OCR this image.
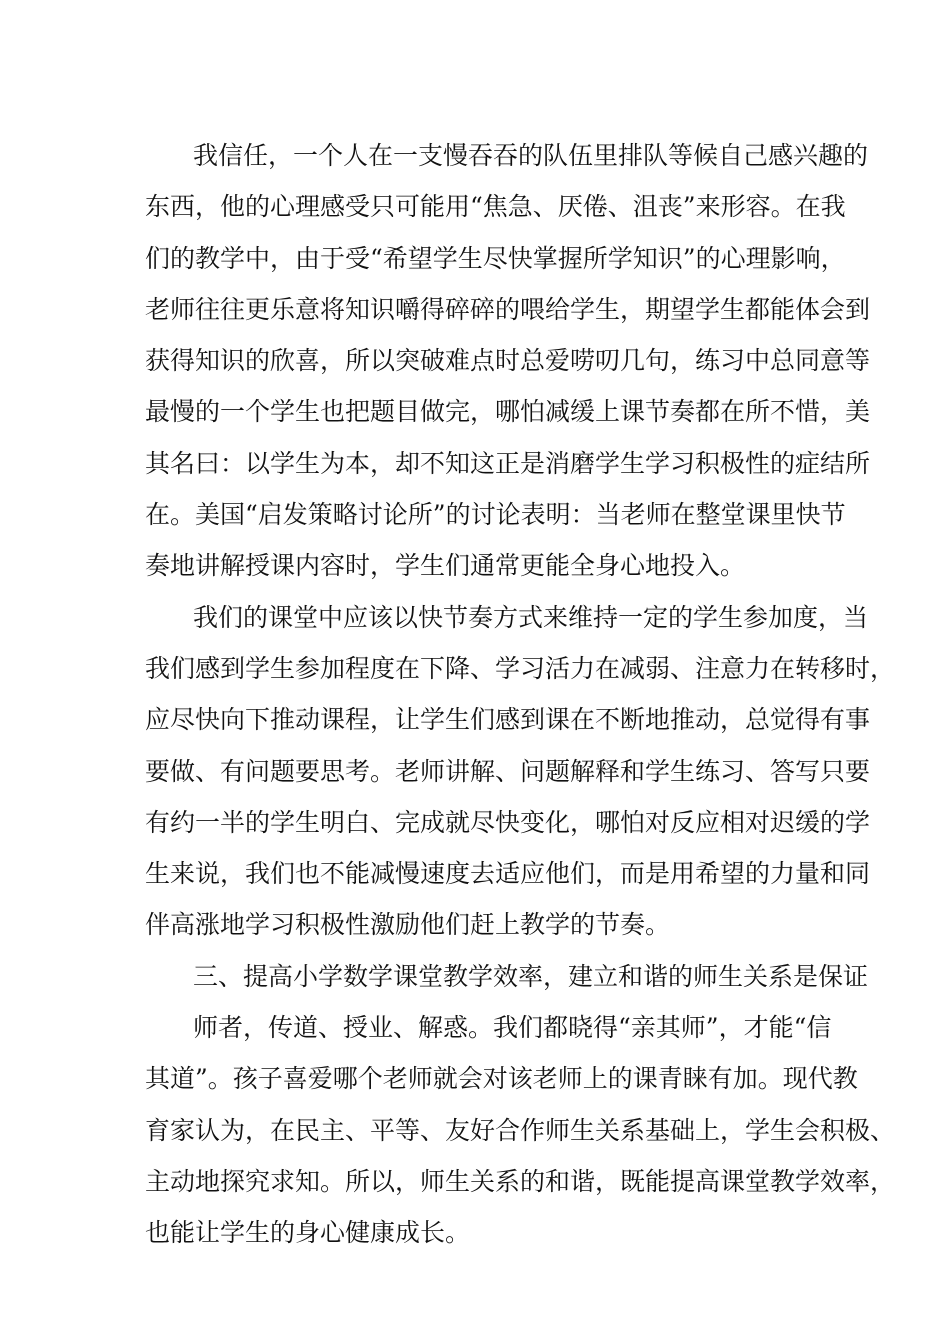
我信任，一个人在一支慢吞吞的队伍里排队等候自己感兴趣的
东西，他的心理感受只可能用“焦急、厌倦、沮丧”来形容。在我
们的教学中，由于受“希望学生尽快掌握所学知识”的心理影响，
老师往往更乐意将知识嚼得碎碎的喂给学生，期望学生都能体会到
获得知识的欣喜，所以突破难点时总爱唠叨几句，练习中总同意等
最慢的一个学生也把题目做完，哪怕减缓上课节奏都在所不惜，美
其名曰：以学生为本，却不知这正是消磨学生学习积极性的症结所
在。美国“启发策略讨论所”的讨论表明：当老师在整堂课里快节
奏地讲解授课内容时，学生们通常更能全身心地投入。
我们的课堂中应该以快节奏方式来维持一定的学生参加度，当
我们感到学生参加程度在下降、学习活力在减弱、注意力在转移时，
应尽快向下推动课程，让学生们感到课在不断地推动，总觉得有事
要做、有问题要思考。老师讲解、问题解释和学生练习、答写只要
有约一半的学生明白、完成就尽快变化，哪怕对反应相对迟缓的学
生来说，我们也不能减慢速度去适应他们，而是用希望的力量和同
伴高涨地学习积极性激励他们赶上教学的节奏。
三、提高小学数学课堂教学效率，建立和谐的师生关系是保证
师者，传道、授业、解惑。我们都晓得“亲其师”，才能“信
其道”。孩子喜爱哪个老师就会对该老师上的课青睐有加。现代教
育家认为，在民主、平等、友好合作师生关系基础上，学生会积极、
主动地探究求知。所以，师生关系的和谐，既能提高课堂教学效率，
也能让学生的身心健康成长。
